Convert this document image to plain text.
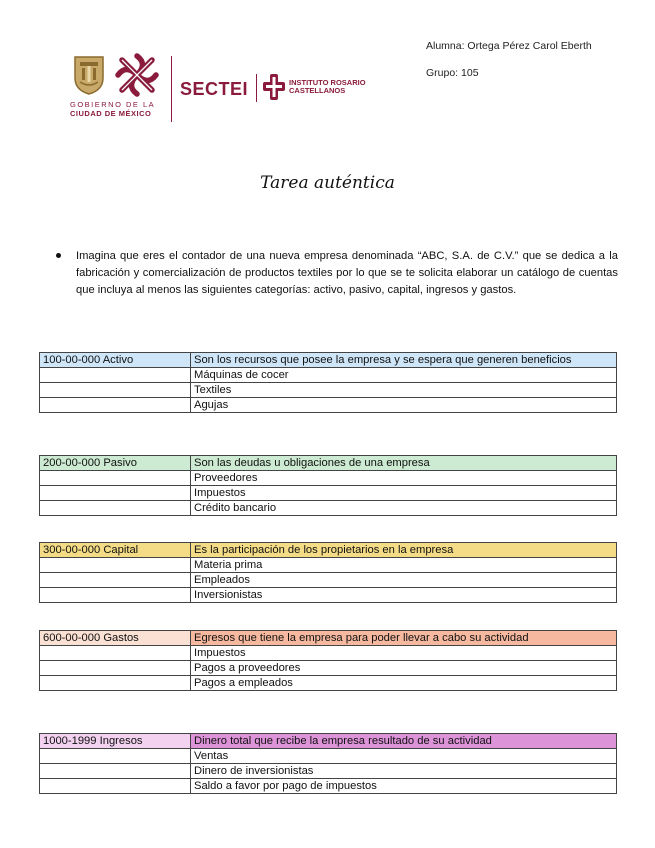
GOBIERNO DE LA
CIUDAD DE MÉXICO
SECTEI	INSTITUTO ROSARIO
CASTELLANOS
Alumna: Ortega Pérez Carol Eberth
Grupo: 105
Tarea auténtica
Imagina que eres el contador de una nueva empresa denominada “ABC, S.A. de C.V.” que se dedica a la fabricación y comercialización de productos textiles por lo que se te solicita elaborar un catálogo de cuentas que incluya al menos las siguientes categorías: activo, pasivo, capital, ingresos y gastos.
100-00-000 Activo	Son los recursos que posee la empresa y se espera que generen beneficios
	Máquinas de cocer
	Textiles
	Agujas
200-00-000 Pasivo	Son las deudas u obligaciones de una empresa
	Proveedores
	Impuestos
	Crédito bancario
300-00-000 Capital	Es la participación de los propietarios en la empresa
	Materia prima
	Empleados
	Inversionistas
600-00-000 Gastos	Egresos que tiene la empresa para poder llevar a cabo su actividad
	Impuestos
	Pagos a proveedores
	Pagos a empleados
1000-1999 Ingresos	Dinero total que recibe la empresa resultado de su actividad
	Ventas
	Dinero de inversionistas
	Saldo a favor por pago de impuestos
